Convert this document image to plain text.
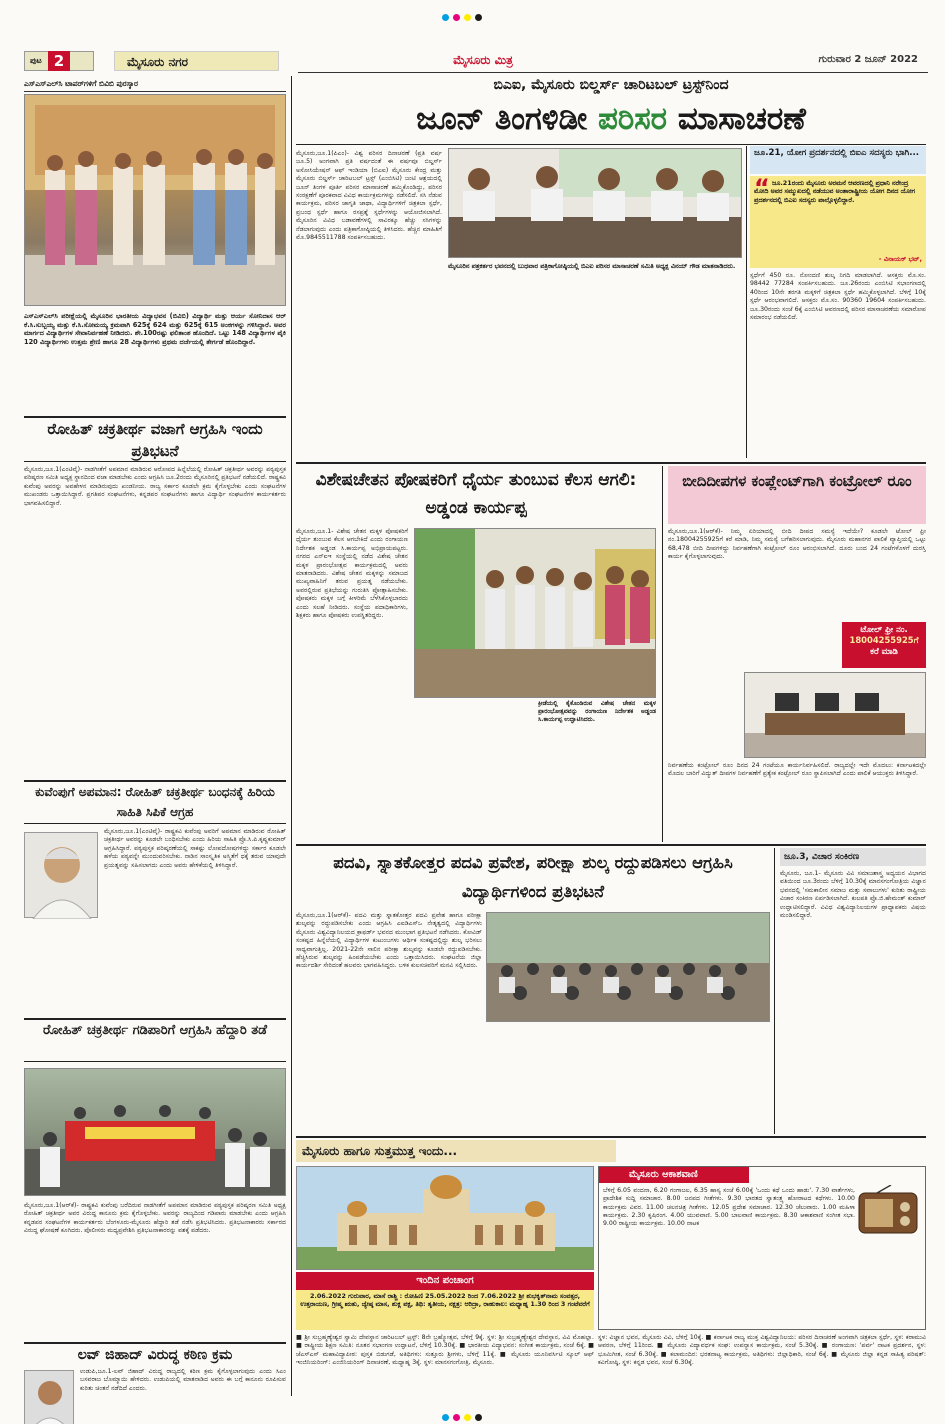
ಪುಟ 2	ಮೈಸೂರು ನಗರ	ಮೈಸೂರು ಮಿತ್ರ	ಗುರುವಾರ 2 ಜೂನ್ 2022
ಎಸ್‌ಎಸ್‌ಎಲ್‌ಸಿ ಟಾಪರ್‌ಗಳಿಗೆ ಬಿವಿಬಿ ಪುರಸ್ಕಾರ
ಎಸ್‌ಎಸ್‌ಎಲ್‌ಸಿ ಪರೀಕ್ಷೆಯಲ್ಲಿ ಮೈಸೂರಿನ ಭಾರತೀಯ ವಿದ್ಯಾಭವನ (ಬಿವಿಬಿ) ವಿದ್ಯಾರ್ಥಿ ಮತ್ತು ಆರ್ಯ ಸೋನಿದಾಸ ಆರ್ ಕೆ.ಸಿ.ಸುಬ್ಬಯ್ಯ ಮತ್ತು ಕೆ.ಸಿ.ಸೋಮಯ್ಯ ಕ್ರಮವಾಗಿ 625ಕ್ಕೆ 624 ಮತ್ತು 625ಕ್ಕೆ 615 ಅಂಕಗಳನ್ನು ಗಳಿಸಿದ್ದಾರೆ. ಅವರ ಮಾರ್ಗದ ವಿದ್ಯಾರ್ಥಿಗಳ ಸೇವಾನಿರ್ವಹಣೆ ನೀಡಿದರು. ಶೇ.100ರಷ್ಟು ಫಲಿತಾಂಶ ಹೊಂದಿದೆ. ಒಟ್ಟು 148 ವಿದ್ಯಾರ್ಥಿಗಳ ಪೈಕಿ 120 ವಿದ್ಯಾರ್ಥಿಗಳು ಉತ್ತಮ ಶ್ರೇಣಿ ಹಾಗೂ 28 ವಿದ್ಯಾರ್ಥಿಗಳು ಪ್ರಥಮ ದರ್ಜೆಯಲ್ಲಿ ತೇರ್ಗಡೆ ಹೊಂದಿದ್ದಾರೆ.
ರೋಹಿತ್ ಚಕ್ರತೀರ್ಥ ವಜಾಗೆ ಆಗ್ರಹಿಸಿ ಇಂದು ಪ್ರತಿಭಟನೆ
ಮೈಸೂರು,ಜೂ.1(ಎಂಟಿವೈ)- ನಾಡಗೀತೆಗೆ ಅಪಮಾನ ಮಾಡಿರುವ ಆರೋಪದ ಹಿನ್ನೆಲೆಯಲ್ಲಿ ರೋಹಿತ್ ಚಕ್ರತೀರ್ಥ ಅವರನ್ನು ಪಠ್ಯಪುಸ್ತಕ ಪರಿಷ್ಕರಣ ಸಮಿತಿ ಅಧ್ಯಕ್ಷ ಸ್ಥಾನದಿಂದ ವಜಾ ಮಾಡಬೇಕು ಎಂದು ಆಗ್ರಹಿಸಿ ಜೂ.2ರಂದು ಮೈಸೂರಿನಲ್ಲಿ ಪ್ರತಿಭಟನೆ ನಡೆಯಲಿದೆ. ರಾಷ್ಟ್ರಕವಿ ಕುವೆಂಪು ಅವರನ್ನು ಅವಹೇಳನ ಮಾಡಿರುವುದು ಖಂಡನೀಯ. ರಾಜ್ಯ ಸರ್ಕಾರ ಕೂಡಲೇ ಕ್ರಮ ಕೈಗೊಳ್ಳಬೇಕು ಎಂದು ಸಂಘಟನೆಗಳ ಮುಖಂಡರು ಒತ್ತಾಯಿಸಿದ್ದಾರೆ. ಪ್ರಗತಿಪರ ಸಂಘಟನೆಗಳು, ಕನ್ನಡಪರ ಸಂಘಟನೆಗಳು ಹಾಗೂ ವಿದ್ಯಾರ್ಥಿ ಸಂಘಟನೆಗಳ ಕಾರ್ಯಕರ್ತರು ಭಾಗವಹಿಸಲಿದ್ದಾರೆ.
ಕುವೆಂಪುಗೆ ಅಪಮಾನ: ರೋಹಿತ್ ಚಕ್ರತೀರ್ಥ ಬಂಧನಕ್ಕೆ ಹಿರಿಯ ಸಾಹಿತಿ ಸಿಪಿಕೆ ಆಗ್ರಹ
ಮೈಸೂರು,ಜೂ.1(ಎಂಟಿವೈ)- ರಾಷ್ಟ್ರಕವಿ ಕುವೆಂಪು ಅವರಿಗೆ ಅಪಮಾನ ಮಾಡಿರುವ ರೋಹಿತ್ ಚಕ್ರತೀರ್ಥ ಅವರನ್ನು ಕೂಡಲೇ ಬಂಧಿಸಬೇಕು ಎಂದು ಹಿರಿಯ ಸಾಹಿತಿ ಪ್ರೊ.ಸಿ.ಪಿ.ಕೃಷ್ಣಕುಮಾರ್ ಆಗ್ರಹಿಸಿದ್ದಾರೆ. ಪಠ್ಯಪುಸ್ತಕ ಪರಿಷ್ಕರಣೆಯಲ್ಲಿ ಸಾಕಷ್ಟು ಲೋಪದೋಷಗಳಿದ್ದು ಸರ್ಕಾರ ಕೂಡಲೇ ಹಳೆಯ ಪಠ್ಯವನ್ನೇ ಮುಂದುವರಿಸಬೇಕು. ನಾಡಿನ ಸಾಂಸ್ಕೃತಿಕ ಅಸ್ಮಿತೆಗೆ ಧಕ್ಕೆ ತರುವ ಯಾವುದೇ ಪ್ರಯತ್ನವನ್ನು ಸಹಿಸಲಾಗದು ಎಂದು ಅವರು ಹೇಳಿಕೆಯಲ್ಲಿ ತಿಳಿಸಿದ್ದಾರೆ.
ರೋಹಿತ್ ಚಕ್ರತೀರ್ಥ ಗಡಿಪಾರಿಗೆ ಆಗ್ರಹಿಸಿ ಹೆದ್ದಾರಿ ತಡೆ
ಮೈಸೂರು,ಜೂ.1(ಆರ್‌ಕೆ)- ರಾಷ್ಟ್ರಕವಿ ಕುವೆಂಪು ಬರೆದಿರುವ ನಾಡಗೀತೆಗೆ ಅಪಮಾನ ಮಾಡಿರುವ ಪಠ್ಯಪುಸ್ತಕ ಪರಿಷ್ಕರಣ ಸಮಿತಿ ಅಧ್ಯಕ್ಷ ರೋಹಿತ್ ಚಕ್ರತೀರ್ಥ ಅವರ ವಿರುದ್ಧ ಕಾನೂನು ಕ್ರಮ ಕೈಗೊಳ್ಳಬೇಕು. ಅವರನ್ನು ರಾಜ್ಯದಿಂದ ಗಡಿಪಾರು ಮಾಡಬೇಕು ಎಂದು ಆಗ್ರಹಿಸಿ ಕನ್ನಡಪರ ಸಂಘಟನೆಗಳ ಕಾರ್ಯಕರ್ತರು ಬೆಂಗಳೂರು-ಮೈಸೂರು ಹೆದ್ದಾರಿ ತಡೆ ನಡೆಸಿ ಪ್ರತಿಭಟಿಸಿದರು. ಪ್ರತಿಭಟನಾಕಾರರು ಸರ್ಕಾರದ ವಿರುದ್ಧ ಘೋಷಣೆ ಕೂಗಿದರು. ಪೊಲೀಸರು ಮಧ್ಯಪ್ರವೇಶಿಸಿ ಪ್ರತಿಭಟನಾಕಾರರನ್ನು ವಶಕ್ಕೆ ಪಡೆದರು.
ಲವ್ ಜಿಹಾದ್ ವಿರುದ್ಧ ಕಠಿಣ ಕ್ರಮ
ಉಡುಪಿ,ಜೂ.1-ಲವ್ ಜಿಹಾದ್ ವಿರುದ್ಧ ರಾಜ್ಯದಲ್ಲಿ ಕಠಿಣ ಕ್ರಮ ಕೈಗೊಳ್ಳಲಾಗುವುದು ಎಂದು ಸಿಎಂ ಬಸವರಾಜ ಬೊಮ್ಮಾಯಿ ಹೇಳಿದರು. ಉಡುಪಿಯಲ್ಲಿ ಮಾತನಾಡಿದ ಅವರು ಈ ಬಗ್ಗೆ ಕಾನೂನು ರೂಪಿಸುವ ಕುರಿತು ಚಿಂತನೆ ನಡೆದಿದೆ ಎಂದರು.
ಬಿಎಐ, ಮೈಸೂರು ಬಿಲ್ಡರ್ಸ್ ಚಾರಿಟಬಲ್ ಟ್ರಸ್ಟ್‌ನಿಂದ
ಜೂನ್ ತಿಂಗಳಿಡೀ ಪರಿಸರ ಮಾಸಾಚರಣೆ
ಮೈಸೂರು,ಜೂ.1(ಪಿಎಂ)- ವಿಶ್ವ ಪರಿಸರ ದಿನಾಚರಣೆ (ಪ್ರತಿ ವರ್ಷ ಜೂ.5) ಅಂಗವಾಗಿ ಪ್ರತಿ ವರ್ಷದಂತೆ ಈ ವರ್ಷವೂ ಬಿಲ್ಡರ್ಸ್ ಅಸೋಸಿಯೇಷನ್ ಆಫ್ ಇಂಡಿಯಾ (ಬಿಎಐ) ಮೈಸೂರು ಕೇಂದ್ರ ಮತ್ತು ಮೈಸೂರು ಬಿಲ್ಡರ್ಸ್ ಚಾರಿಟಬಲ್ ಟ್ರಸ್ಟ್ (ಎಂಬಿಸಿಟಿ) ಜಂಟಿ ಆಶ್ರಯದಲ್ಲಿ ಜೂನ್ ತಿಂಗಳ ಪೂರ್ತಿ ಪರಿಸರ ಮಾಸಾಚರಣೆ ಹಮ್ಮಿಕೊಂಡಿದ್ದು, ಪರಿಸರ ಸಂರಕ್ಷಣೆಗೆ ಪೂರಕವಾದ ವಿವಿಧ ಕಾರ್ಯಕ್ರಮಗಳನ್ನು ನಡೆಸಲಿದೆ. ಸಸಿ ನೆಡುವ ಕಾರ್ಯಕ್ರಮ, ಪರಿಸರ ಜಾಗೃತಿ ಜಾಥಾ, ವಿದ್ಯಾರ್ಥಿಗಳಿಗೆ ಚಿತ್ರಕಲಾ ಸ್ಪರ್ಧೆ, ಪ್ರಬಂಧ ಸ್ಪರ್ಧೆ ಹಾಗೂ ರಸಪ್ರಶ್ನೆ ಸ್ಪರ್ಧೆಗಳನ್ನು ಆಯೋಜಿಸಲಾಗಿದೆ. ಮೈಸೂರಿನ ವಿವಿಧ ಬಡಾವಣೆಗಳಲ್ಲಿ ಸಾವಿರಕ್ಕೂ ಹೆಚ್ಚು ಸಸಿಗಳನ್ನು ನೆಡಲಾಗುವುದು ಎಂದು ಪತ್ರಿಕಾಗೋಷ್ಠಿಯಲ್ಲಿ ತಿಳಿಸಿದರು. ಹೆಚ್ಚಿನ ಮಾಹಿತಿಗೆ ಮೊ.9845511788 ಸಂಪರ್ಕಿಸಬಹುದು.
ಮೈಸೂರಿನ ಪತ್ರಕರ್ತರ ಭವನದಲ್ಲಿ ಬುಧವಾರ ಪತ್ರಿಕಾಗೋಷ್ಠಿಯಲ್ಲಿ ಬಿಎಐ ಪರಿಸರ ಮಾಸಾಚರಣೆ ಸಮಿತಿ ಅಧ್ಯಕ್ಷ ವಿನಯ್ ಗೌಡ ಮಾತನಾಡಿದರು.
ಜೂ.21, ಯೋಗ ಪ್ರದರ್ಶನದಲ್ಲಿ ಬಿಐಎ ಸದಸ್ಯರು ಭಾಗಿ...
“ ಜೂ.21ರಂದು ಮೈಸೂರು ಅರಮನೆ ಆವರಣದಲ್ಲಿ ಪ್ರಧಾನಿ ನರೇಂದ್ರ ಮೋದಿ ಅವರ ಸಮ್ಮುಖದಲ್ಲಿ ನಡೆಯುವ ಅಂತಾರಾಷ್ಟ್ರೀಯ ಯೋಗ ದಿನದ ಯೋಗ ಪ್ರದರ್ಶನದಲ್ಲಿ ಬಿಎಐ ಸದಸ್ಯರು ಪಾಲ್ಗೊಳ್ಳಲಿದ್ದಾರೆ.
- ವಿನಾಯಕ್ ಭಟ್,
ಸ್ಪರ್ಧೆಗೆ 450 ರೂ. ನೋಂದಣಿ ಶುಲ್ಕ ನಿಗದಿ ಮಾಡಲಾಗಿದೆ. ಆಸಕ್ತರು ಮೊ.ಸಂ. 98442 77284 ಸಂಪರ್ಕಿಸಬಹುದು. ಜೂ.26ರಂದು ಎಂಬಿಸಿಟಿ ಸಭಾಂಗಣದಲ್ಲಿ 40ರಿಂದ 10ನೇ ತರಗತಿ ಮಕ್ಕಳಿಗೆ ಚಿತ್ರಕಲಾ ಸ್ಪರ್ಧೆ ಹಮ್ಮಿಕೊಳ್ಳಲಾಗಿದೆ. ಬೆಳಿಗ್ಗೆ 10ಕ್ಕೆ ಸ್ಪರ್ಧೆ ಆರಂಭವಾಗಲಿದೆ. ಆಸಕ್ತರು ಮೊ.ಸಂ. 90360 19604 ಸಂಪರ್ಕಿಸಬಹುದು. ಜೂ.30ರಂದು ಸಂಜೆ 6ಕ್ಕೆ ಎಂಬಿಸಿಟಿ ಆವರಣದಲ್ಲಿ ಪರಿಸರ ಮಾಸಾಚರಣೆಯ ಸಮಾರೋಪ ಸಮಾರಂಭ ನಡೆಯಲಿದೆ.
ವಿಶೇಷಚೇತನ ಪೋಷಕರಿಗೆ ಧೈರ್ಯ ತುಂಬುವ ಕೆಲಸ ಆಗಲಿ: ಅಡ್ಡಂಡ ಕಾರ್ಯಪ್ಪ
ಮೈಸೂರು,ಜೂ.1- ವಿಶೇಷ ಚೇತನ ಮಕ್ಕಳ ಪೋಷಕರಿಗೆ ಧೈರ್ಯ ತುಂಬುವ ಕೆಲಸ ಆಗಬೇಕಿದೆ ಎಂದು ರಂಗಾಯಣ ನಿರ್ದೇಶಕ ಅಡ್ಡಂಡ ಸಿ.ಕಾರ್ಯಪ್ಪ ಅಭಿಪ್ರಾಯಪಟ್ಟರು. ನಗರದ ಎನ್‌ಐಇ ಸಂಸ್ಥೆಯಲ್ಲಿ ನಡೆದ ವಿಶೇಷ ಚೇತನ ಮಕ್ಕಳ ಪ್ರಾರಂಭೋತ್ಸವ ಕಾರ್ಯಕ್ರಮದಲ್ಲಿ ಅವರು ಮಾತನಾಡಿದರು. ವಿಶೇಷ ಚೇತನ ಮಕ್ಕಳನ್ನು ಸಮಾಜದ ಮುಖ್ಯವಾಹಿನಿಗೆ ತರುವ ಪ್ರಯತ್ನ ನಡೆಯಬೇಕು. ಅವರಲ್ಲಿರುವ ಪ್ರತಿಭೆಯನ್ನು ಗುರುತಿಸಿ ಪ್ರೋತ್ಸಾಹಿಸಬೇಕು. ಪೋಷಕರು ಮಕ್ಕಳ ಬಗ್ಗೆ ಕೀಳರಿಮೆ ಬೆಳೆಸಿಕೊಳ್ಳಬಾರದು ಎಂದು ಸಲಹೆ ನೀಡಿದರು. ಸಂಸ್ಥೆಯ ಪದಾಧಿಕಾರಿಗಳು, ಶಿಕ್ಷಕರು ಹಾಗೂ ಪೋಷಕರು ಉಪಸ್ಥಿತರಿದ್ದರು.
ಕ್ರೀಡೆಯಲ್ಲಿ ಕೈಕೊಂಡಿರುವ ವಿಶೇಷ ಚೇತನ ಮಕ್ಕಳ ಪ್ರಾರಂಭೋತ್ಸವವನ್ನು ರಂಗಾಯಣ ನಿರ್ದೇಶಕ ಅಡ್ಡಂಡ ಸಿ.ಕಾರ್ಯಪ್ಪ ಉದ್ಘಾಟಿಸಿದರು.
ಬೀದಿದೀಪಗಳ ಕಂಪ್ಲೇಂಟ್‌ಗಾಗಿ ಕಂಟ್ರೋಲ್ ರೂಂ
ಮೈಸೂರು,ಜೂ.1(ಆರ್‌ಕೆ)- ನಿಮ್ಮ ಏರಿಯಾದಲ್ಲಿ ಬೀದಿ ದೀಪದ ಸಮಸ್ಯೆ ಇದೆಯೇ? ಕೂಡಲೇ ಟೋಲ್ ಫ್ರೀ ನಂ.18004255925ಗೆ ಕರೆ ಮಾಡಿ, ನಿಮ್ಮ ಸಮಸ್ಯೆ ಬಗೆಹರಿಸಲಾಗುವುದು. ಮೈಸೂರು ಮಹಾನಗರ ಪಾಲಿಕೆ ವ್ಯಾಪ್ತಿಯಲ್ಲಿ ಒಟ್ಟು 68,478 ಬೀದಿ ದೀಪಗಳಿದ್ದು ನಿರ್ವಹಣೆಗಾಗಿ ಕಂಟ್ರೋಲ್ ರೂಂ ಆರಂಭಿಸಲಾಗಿದೆ. ದೂರು ಬಂದ 24 ಗಂಟೆಗಳೊಳಗೆ ದುರಸ್ತಿ ಕಾರ್ಯ ಕೈಗೊಳ್ಳಲಾಗುವುದು.
ಟೋಲ್ ಫ್ರೀ ನಂ.
18004255925ಗೆ
ಕರೆ ಮಾಡಿ
ನಿರ್ವಹಣೆಯ ಕಂಟ್ರೋಲ್ ರೂಂ ದಿನದ 24 ಗಂಟೆಯೂ ಕಾರ್ಯನಿರ್ವಹಿಸಲಿದೆ. ರಾಜ್ಯದಲ್ಲೇ ಇದೇ ಮೊದಲು: ಕರ್ನಾಟಕದಲ್ಲೇ ಮೊದಲ ಬಾರಿಗೆ ವಿದ್ಯುತ್ ದೀಪಗಳ ನಿರ್ವಹಣೆಗೆ ಪ್ರತ್ಯೇಕ ಕಂಟ್ರೋಲ್ ರೂಂ ಸ್ಥಾಪಿಸಲಾಗಿದೆ ಎಂದು ಪಾಲಿಕೆ ಆಯುಕ್ತರು ತಿಳಿಸಿದ್ದಾರೆ.
ಪದವಿ, ಸ್ನಾತಕೋತ್ತರ ಪದವಿ ಪ್ರವೇಶ, ಪರೀಕ್ಷಾ ಶುಲ್ಕ ರದ್ದುಪಡಿಸಲು ಆಗ್ರಹಿಸಿ ವಿದ್ಯಾರ್ಥಿಗಳಿಂದ ಪ್ರತಿಭಟನೆ
ಮೈಸೂರು,ಜೂ.1(ಆರ್‌ಕೆ)- ಪದವಿ ಮತ್ತು ಸ್ನಾತಕೋತ್ತರ ಪದವಿ ಪ್ರವೇಶ ಹಾಗೂ ಪರೀಕ್ಷಾ ಶುಲ್ಕವನ್ನು ರದ್ದುಪಡಿಸಬೇಕು ಎಂದು ಆಗ್ರಹಿಸಿ ಎಐಡಿಎಸ್‌ಒ ನೇತೃತ್ವದಲ್ಲಿ ವಿದ್ಯಾರ್ಥಿಗಳು ಮೈಸೂರು ವಿಶ್ವವಿದ್ಯಾನಿಲಯದ ಕ್ರಾಫರ್ಡ್ ಭವನದ ಮುಂಭಾಗ ಪ್ರತಿಭಟನೆ ನಡೆಸಿದರು. ಕೋವಿಡ್ ಸಂಕಷ್ಟದ ಹಿನ್ನೆಲೆಯಲ್ಲಿ ವಿದ್ಯಾರ್ಥಿಗಳ ಕುಟುಂಬಗಳು ಆರ್ಥಿಕ ಸಂಕಷ್ಟದಲ್ಲಿದ್ದು ಶುಲ್ಕ ಭರಿಸಲು ಸಾಧ್ಯವಾಗುತ್ತಿಲ್ಲ. 2021-22ನೇ ಸಾಲಿನ ಪರೀಕ್ಷಾ ಶುಲ್ಕವನ್ನು ಕೂಡಲೇ ರದ್ದುಪಡಿಸಬೇಕು. ಹೆಚ್ಚಿಸಿರುವ ಶುಲ್ಕವನ್ನು ಹಿಂಪಡೆಯಬೇಕು ಎಂದು ಒತ್ತಾಯಿಸಿದರು. ಸಂಘಟನೆಯ ಜಿಲ್ಲಾ ಕಾರ್ಯದರ್ಶಿ ಸೇರಿದಂತೆ ಹಲವರು ಭಾಗವಹಿಸಿದ್ದರು. ಬಳಿಕ ಕುಲಸಚಿವರಿಗೆ ಮನವಿ ಸಲ್ಲಿಸಿದರು.
ಜೂ.3, ವಿಚಾರ ಸಂಕಿರಣ
ಮೈಸೂರು, ಜೂ.1- ಮೈಸೂರು ವಿವಿ ಸಮಾಜಶಾಸ್ತ್ರ ಅಧ್ಯಯನ ವಿಭಾಗದ ವತಿಯಿಂದ ಜೂ.3ರಂದು ಬೆಳಿಗ್ಗೆ 10.30ಕ್ಕೆ ಮಾನಸಗಂಗೋತ್ರಿಯ ವಿಜ್ಞಾನ ಭವನದಲ್ಲಿ 'ಸಮಕಾಲೀನ ಸಮಾಜ ಮತ್ತು ಸವಾಲುಗಳು' ಕುರಿತು ರಾಷ್ಟ್ರೀಯ ವಿಚಾರ ಸಂಕಿರಣ ಏರ್ಪಡಿಸಲಾಗಿದೆ. ಕುಲಪತಿ ಪ್ರೊ.ಜಿ.ಹೇಮಂತ್ ಕುಮಾರ್ ಉದ್ಘಾಟಿಸಲಿದ್ದಾರೆ. ವಿವಿಧ ವಿಶ್ವವಿದ್ಯಾನಿಲಯಗಳ ಪ್ರಾಧ್ಯಾಪಕರು ವಿಷಯ ಮಂಡಿಸಲಿದ್ದಾರೆ.
ಮೈಸೂರು ಹಾಗೂ ಸುತ್ತಮುತ್ತ ಇಂದು...
ಇಂದಿನ ಪಂಚಾಂಗ
2.06.2022 ಗುರುವಾರ, ಮಾಸೆ ರಾಶ್ಚಿ : ರೋಹಿಣಿ 25.05.2022 ರಿಂದ 7.06.2022 ಶ್ರೀ ಶುಭಕೃತ್‌ನಾಮ ಸಂವತ್ಸರ, ಉತ್ತರಾಯಣ, ಗ್ರೀಷ್ಮ ಋತು, ಜ್ಯೇಷ್ಠ ಮಾಸ, ಶುಕ್ಲ ಪಕ್ಷ, ತಿಥಿ: ತೃತೀಯ, ನಕ್ಷತ್ರ: ಆರಿದ್ರಾ, ರಾಹುಕಾಲ: ಮಧ್ಯಾಹ್ನ 1.30 ರಿಂದ 3 ಗಂಟೆವರೆಗೆ
ಮೈಸೂರು ಆಕಾಶವಾಣಿ
ಬೆಳಿಗ್ಗೆ 6.05 ವಂದನಾ, 6.20 ಗಂಗಾಜಲ, 6.35 ಹಾಸ್ಯ ಸಂಜೆ 6.00ಕ್ಕೆ 'ಒಂದು ಕಥೆ ಒಂದು ಹಾಡು'. 7.30 ವಾರ್ತೆಗಳು, ಪ್ರಾದೇಶಿಕ ಸುದ್ದಿ ಸಮಾಚಾರ. 8.00 ಜನಪದ ಗೀತೆಗಳು. 9.30 ಭಾರತದ ಸ್ವಾತಂತ್ರ್ಯ ಹೋರಾಟದ ಕಥೆಗಳು. 10.00 ಕಾರ್ಯಕ್ರಮ ವಿವರ. 11.00 ಚಲನಚಿತ್ರ ಗೀತೆಗಳು. 12.05 ಪ್ರದೇಶ ಸಮಾಚಾರ. 12.30 ಚೆಲುವಾರು. 1.00 ಮಹಿಳಾ ಕಾರ್ಯಕ್ರಮ. 2.30 ಕೃಷಿರಂಗ. 4.00 ಯುವವಾಣಿ. 5.00 ಬಾಲವಾಣಿ ಕಾರ್ಯಕ್ರಮ. 8.30 ಆಕಾಶವಾಣಿ ಸಂಗೀತ ಸಭಾ. 9.00 ರಾಷ್ಟ್ರೀಯ ಕಾರ್ಯಕ್ರಮ. 10.00 ನಾಟಕ
■ ಶ್ರೀ ಸುಬ್ರಹ್ಮಣ್ಯೇಶ್ವರ ಸ್ವಾಮಿ ದೇವಸ್ಥಾನ ಚಾರಿಟಬಲ್ ಟ್ರಸ್ಟ್: 8ನೇ ಬ್ರಹ್ಮೋತ್ಸವ, ಬೆಳಿಗ್ಗೆ 9ಕ್ಕೆ. ಸ್ಥಳ: ಶ್ರೀ ಸುಬ್ರಹ್ಮಣ್ಯೇಶ್ವರ ದೇವಸ್ಥಾನ, ವಿವಿ ಮೊಹಲ್ಲಾ. ■ ರಾಷ್ಟ್ರೀಯ ಶಿಕ್ಷಣ ಸಮಿತಿ: ನೂತನ ಸಭಾಂಗಣ ಉದ್ಘಾಟನೆ, ಬೆಳಿಗ್ಗೆ 10.30ಕ್ಕೆ. ■ ಭಾರತೀಯ ವಿದ್ಯಾಭವನ: ಸಂಗೀತ ಕಾರ್ಯಕ್ರಮ, ಸಂಜೆ 6ಕ್ಕೆ. ■ ಜೆಎಸ್‌ಎಸ್ ಮಹಾವಿದ್ಯಾಪೀಠ: ಪುಸ್ತಕ ಬಿಡುಗಡೆ, ಅತಿಥಿಗಳು: ಸುತ್ತೂರು ಶ್ರೀಗಳು, ಬೆಳಿಗ್ಗೆ 11ಕ್ಕೆ. ■ ಮೈಸೂರು ಯೂನಿವರ್ಸಿಟಿ ಸ್ಕೂಲ್ ಆಫ್ ಇಂಜಿನಿಯರಿಂಗ್: ಎಂಜಿನಿಯರಿಂಗ್ ದಿನಾಚರಣೆ, ಮಧ್ಯಾಹ್ನ 3ಕ್ಕೆ. ಸ್ಥಳ: ಮಾನಸಗಂಗೋತ್ರಿ, ಮೈಸೂರು.
ಸ್ಥಳ: ವಿಜ್ಞಾನ ಭವನ, ಮೈಸೂರು ವಿವಿ, ಬೆಳಿಗ್ಗೆ 10ಕ್ಕೆ. ■ ಕರ್ನಾಟಕ ರಾಜ್ಯ ಮುಕ್ತ ವಿಶ್ವವಿದ್ಯಾನಿಲಯ: ಪರಿಸರ ದಿನಾಚರಣೆ ಅಂಗವಾಗಿ ಚಿತ್ರಕಲಾ ಸ್ಪರ್ಧೆ, ಸ್ಥಳ: ಕರಾಮುವಿ ಆವರಣ, ಬೆಳಿಗ್ಗೆ 11ರಿಂದ. ■ ಮೈಸೂರು ವಿದ್ಯಾವರ್ಧಕ ಸಂಘ: ಉಪನ್ಯಾಸ ಕಾರ್ಯಕ್ರಮ, ಸಂಜೆ 5.30ಕ್ಕೆ. ■ ರಂಗಾಯಣ: 'ಪರ್ವ' ನಾಟಕ ಪ್ರದರ್ಶನ, ಸ್ಥಳ: ಭೂಮಿಗೀತ, ಸಂಜೆ 6.30ಕ್ಕೆ. ■ ಕಲಾಮಂದಿರ: ಭರತನಾಟ್ಯ ಕಾರ್ಯಕ್ರಮ, ಅತಿಥಿಗಳು: ಜಿಲ್ಲಾಧಿಕಾರಿ, ಸಂಜೆ 6ಕ್ಕೆ. ■ ಮೈಸೂರು ಜಿಲ್ಲಾ ಕನ್ನಡ ಸಾಹಿತ್ಯ ಪರಿಷತ್: ಕವಿಗೋಷ್ಠಿ, ಸ್ಥಳ: ಕನ್ನಡ ಭವನ, ಸಂಜೆ 6.30ಕ್ಕೆ.
